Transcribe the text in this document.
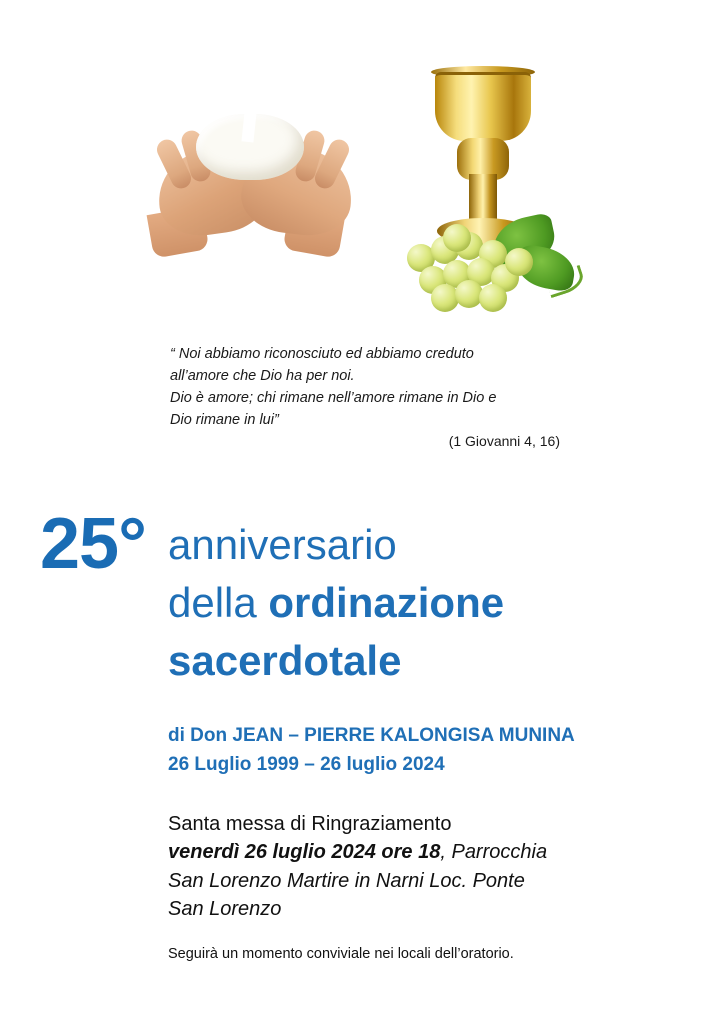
“ Noi abbiamo riconosciuto ed abbiamo creduto
all’amore che Dio ha per noi.
Dio è amore; chi rimane nell’amore rimane in Dio e
Dio rimane in lui”
(1 Giovanni 4, 16)
25° anniversario
della ordinazione
sacerdotale
di Don JEAN – PIERRE KALONGISA MUNINA
26 Luglio 1999 – 26 luglio 2024
Santa messa di Ringraziamento
venerdì 26 luglio 2024 ore 18, Parrocchia
San Lorenzo Martire in Narni Loc. Ponte
San Lorenzo
Seguirà un momento conviviale nei locali dell’oratorio.
